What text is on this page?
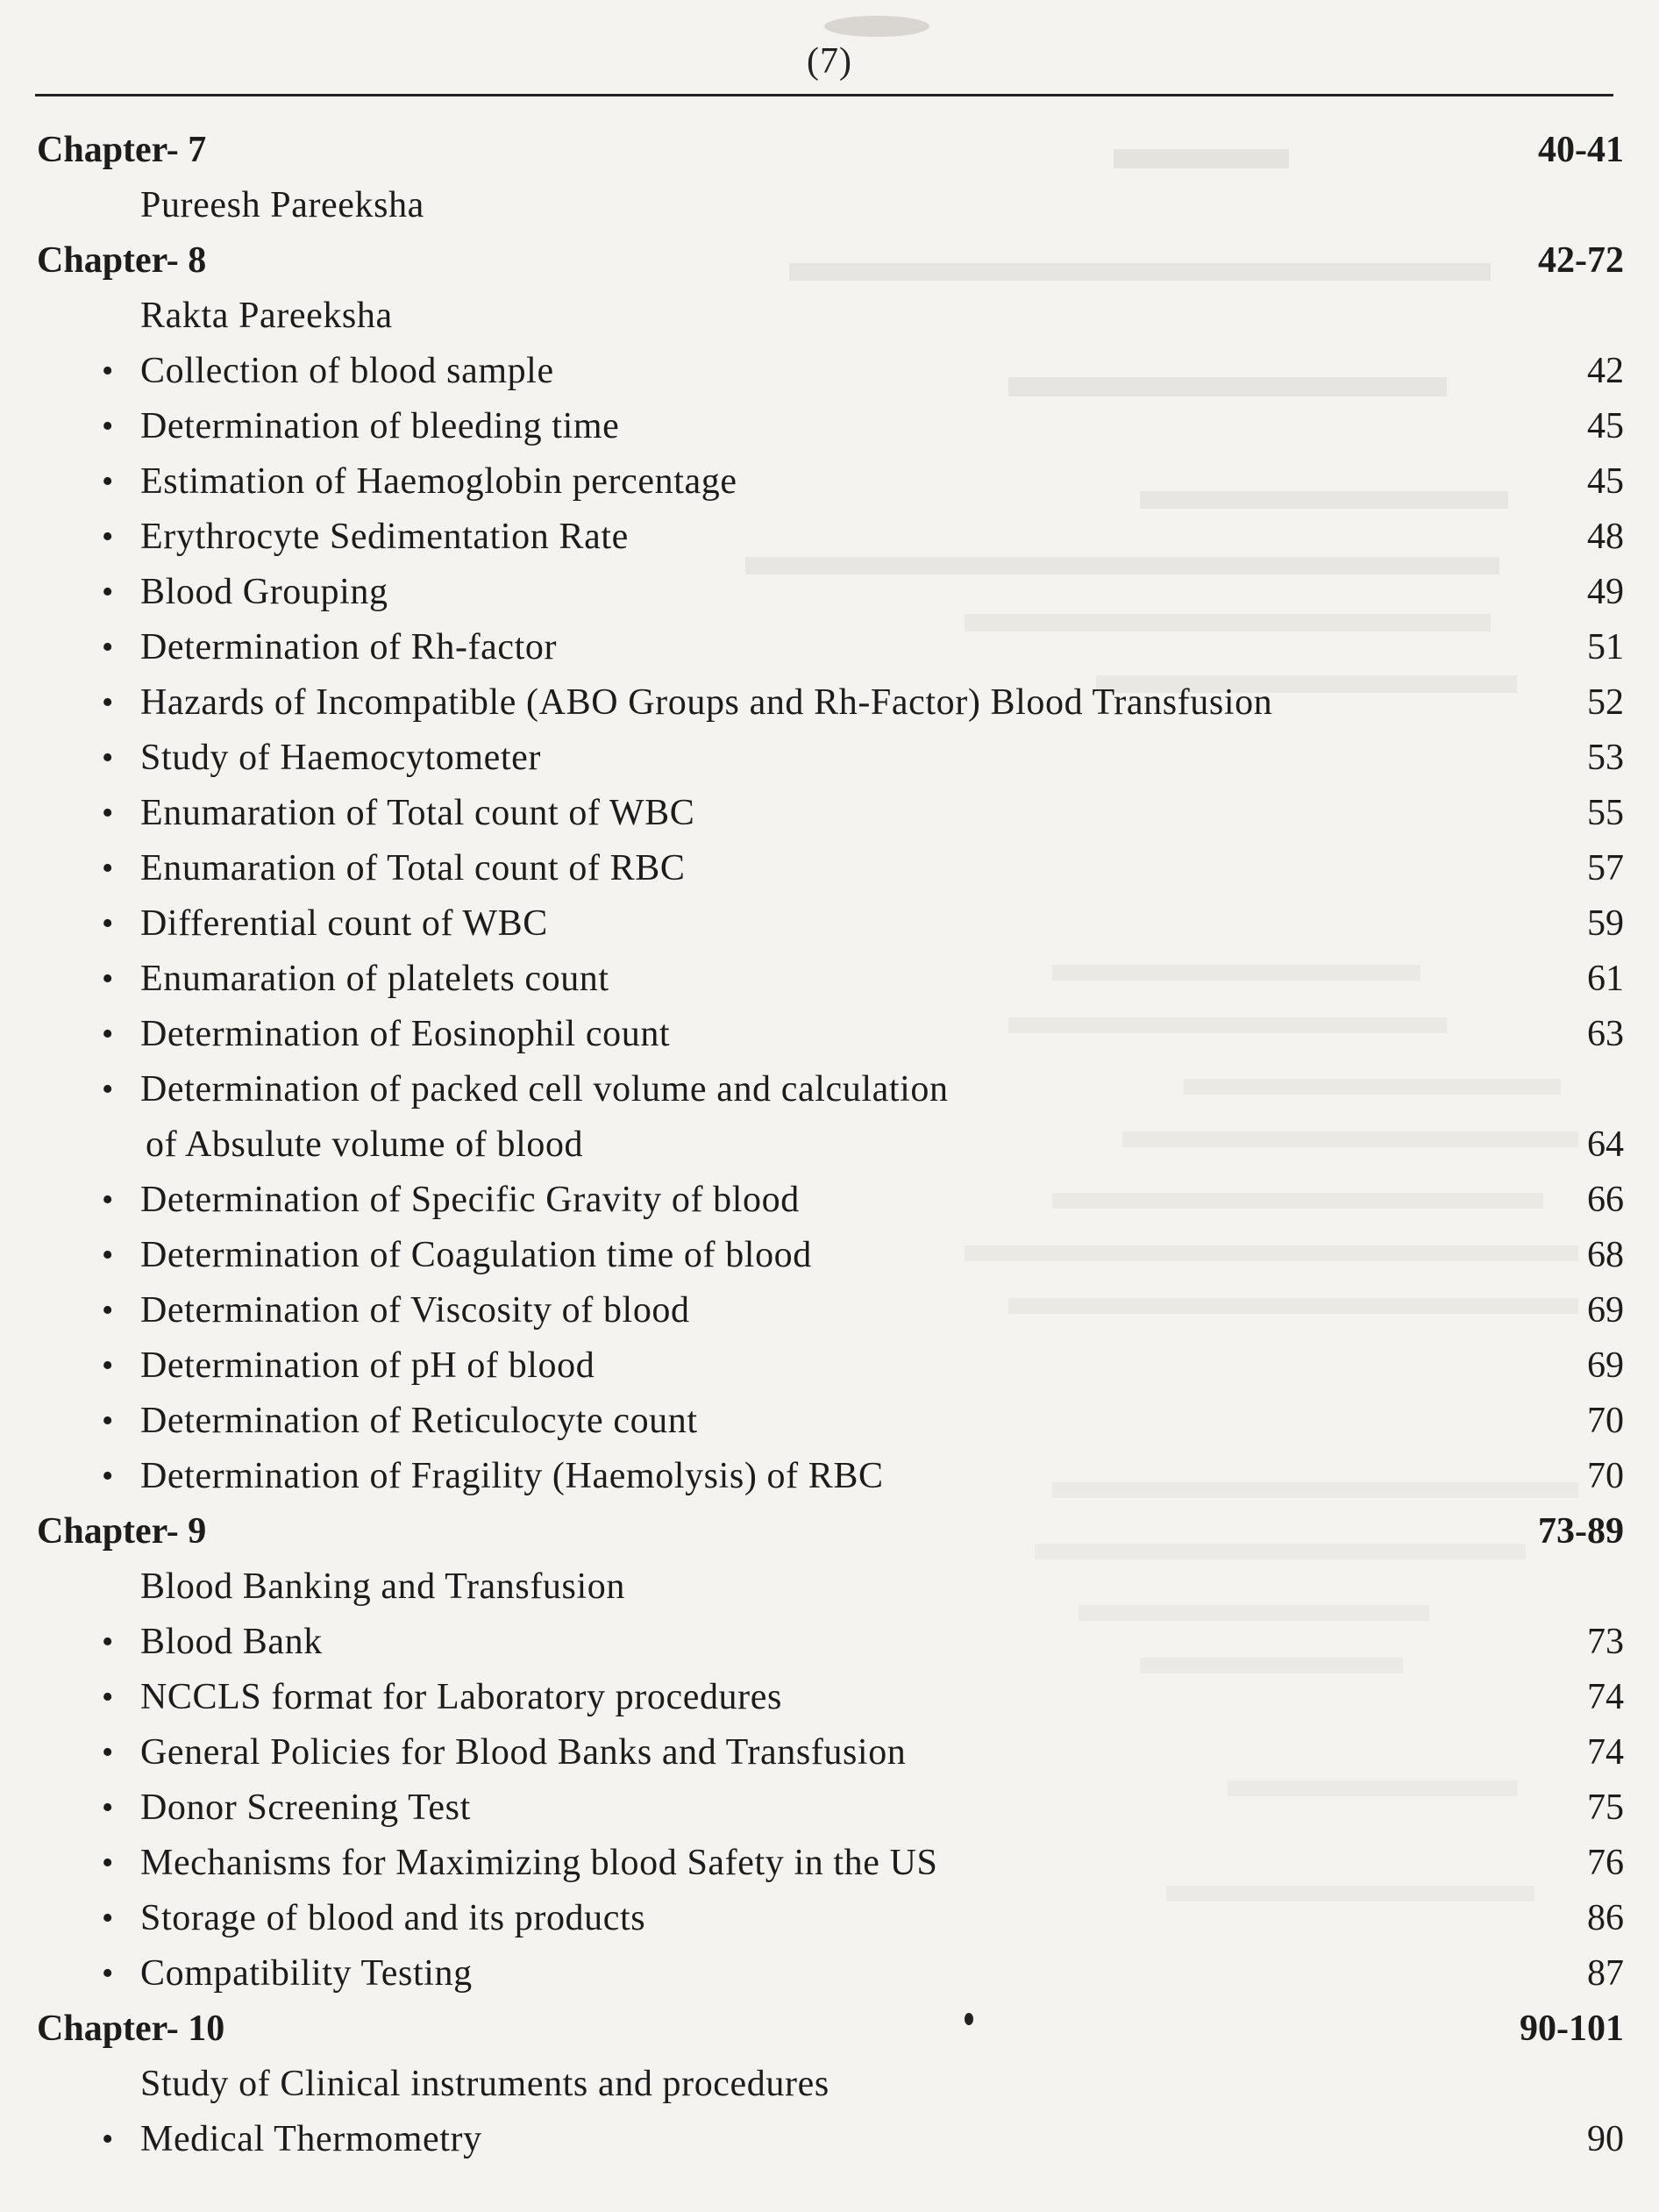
(7)
Chapter- 7	40-41
Pureesh Pareeksha
Chapter- 8	42-72
Rakta Pareeksha
• Collection of blood sample	42
• Determination of bleeding time	45
• Estimation of Haemoglobin percentage	45
• Erythrocyte Sedimentation Rate	48
• Blood Grouping	49
• Determination of Rh-factor	51
• Hazards of Incompatible (ABO Groups and Rh-Factor) Blood Transfusion	52
• Study of Haemocytometer	53
• Enumaration of Total count of WBC	55
• Enumaration of Total count of RBC	57
• Differential count of WBC	59
• Enumaration of platelets count	61
• Determination of Eosinophil count	63
• Determination of packed cell volume and calculation
of Absulute volume of blood	64
• Determination of Specific Gravity of blood	66
• Determination of Coagulation time of blood	68
• Determination of Viscosity of blood	69
• Determination of pH of blood	69
• Determination of Reticulocyte count	70
• Determination of Fragility (Haemolysis) of RBC	70
Chapter- 9	73-89
Blood Banking and Transfusion
• Blood Bank	73
• NCCLS format for Laboratory procedures	74
• General Policies for Blood Banks and Transfusion	74
• Donor Screening Test	75
• Mechanisms for Maximizing blood Safety in the US	76
• Storage of blood and its products	86
• Compatibility Testing	87
Chapter- 10	90-101
Study of Clinical instruments and procedures
• Medical Thermometry	90
